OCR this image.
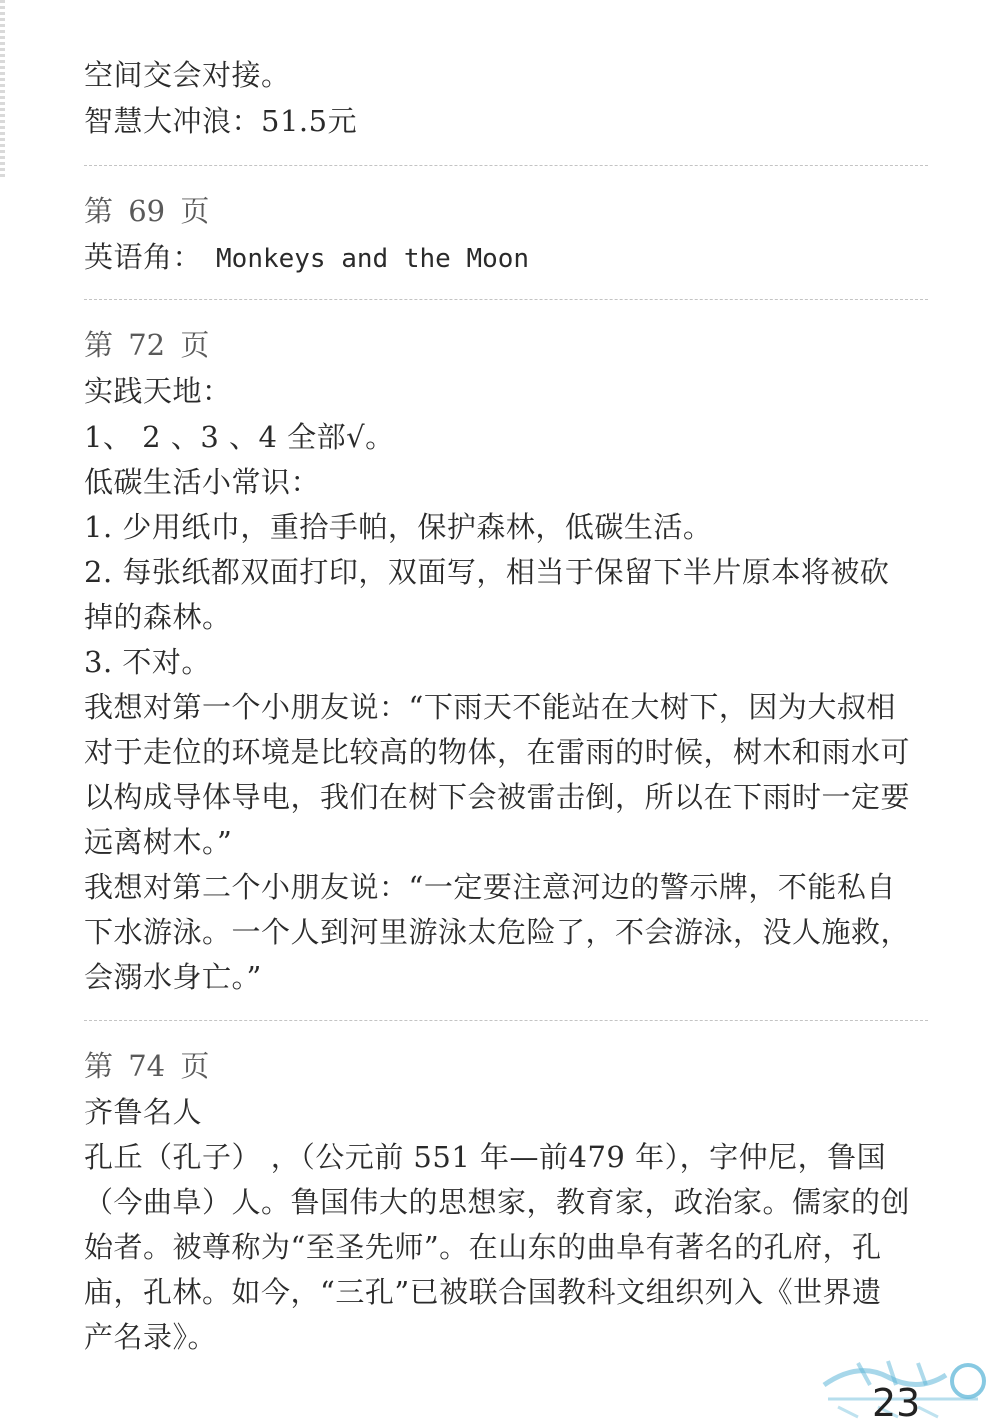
空间交会对接。
智慧大冲浪：51.5元
第 69 页
英语角： Monkeys and the Moon
第 72 页
实践天地：
1、 2 、3 、4 全部√。
低碳生活小常识：
1. 少用纸巾，重拾手帕，保护森林，低碳生活。
2. 每张纸都双面打印，双面写，相当于保留下半片原本将被砍
掉的森林。
3. 不对。
我想对第一个小朋友说：“下雨天不能站在大树下，因为大叔相
对于走位的环境是比较高的物体，在雷雨的时候，树木和雨水可
以构成导体导电，我们在树下会被雷击倒，所以在下雨时一定要
远离树木。”
我想对第二个小朋友说：“一定要注意河边的警示牌，不能私自
下水游泳。一个人到河里游泳太危险了，不会游泳，没人施救，
会溺水身亡。”
第 74 页
齐鲁名人
孔丘（孔子） ，（公元前 551 年—前479 年），字仲尼，鲁国
（今曲阜）人。鲁国伟大的思想家，教育家，政治家。儒家的创
始者。被尊称为“至圣先师”。在山东的曲阜有著名的孔府，孔
庙，孔林。如今，“三孔”已被联合国教科文组织列入《世界遗
产名录》。
23
